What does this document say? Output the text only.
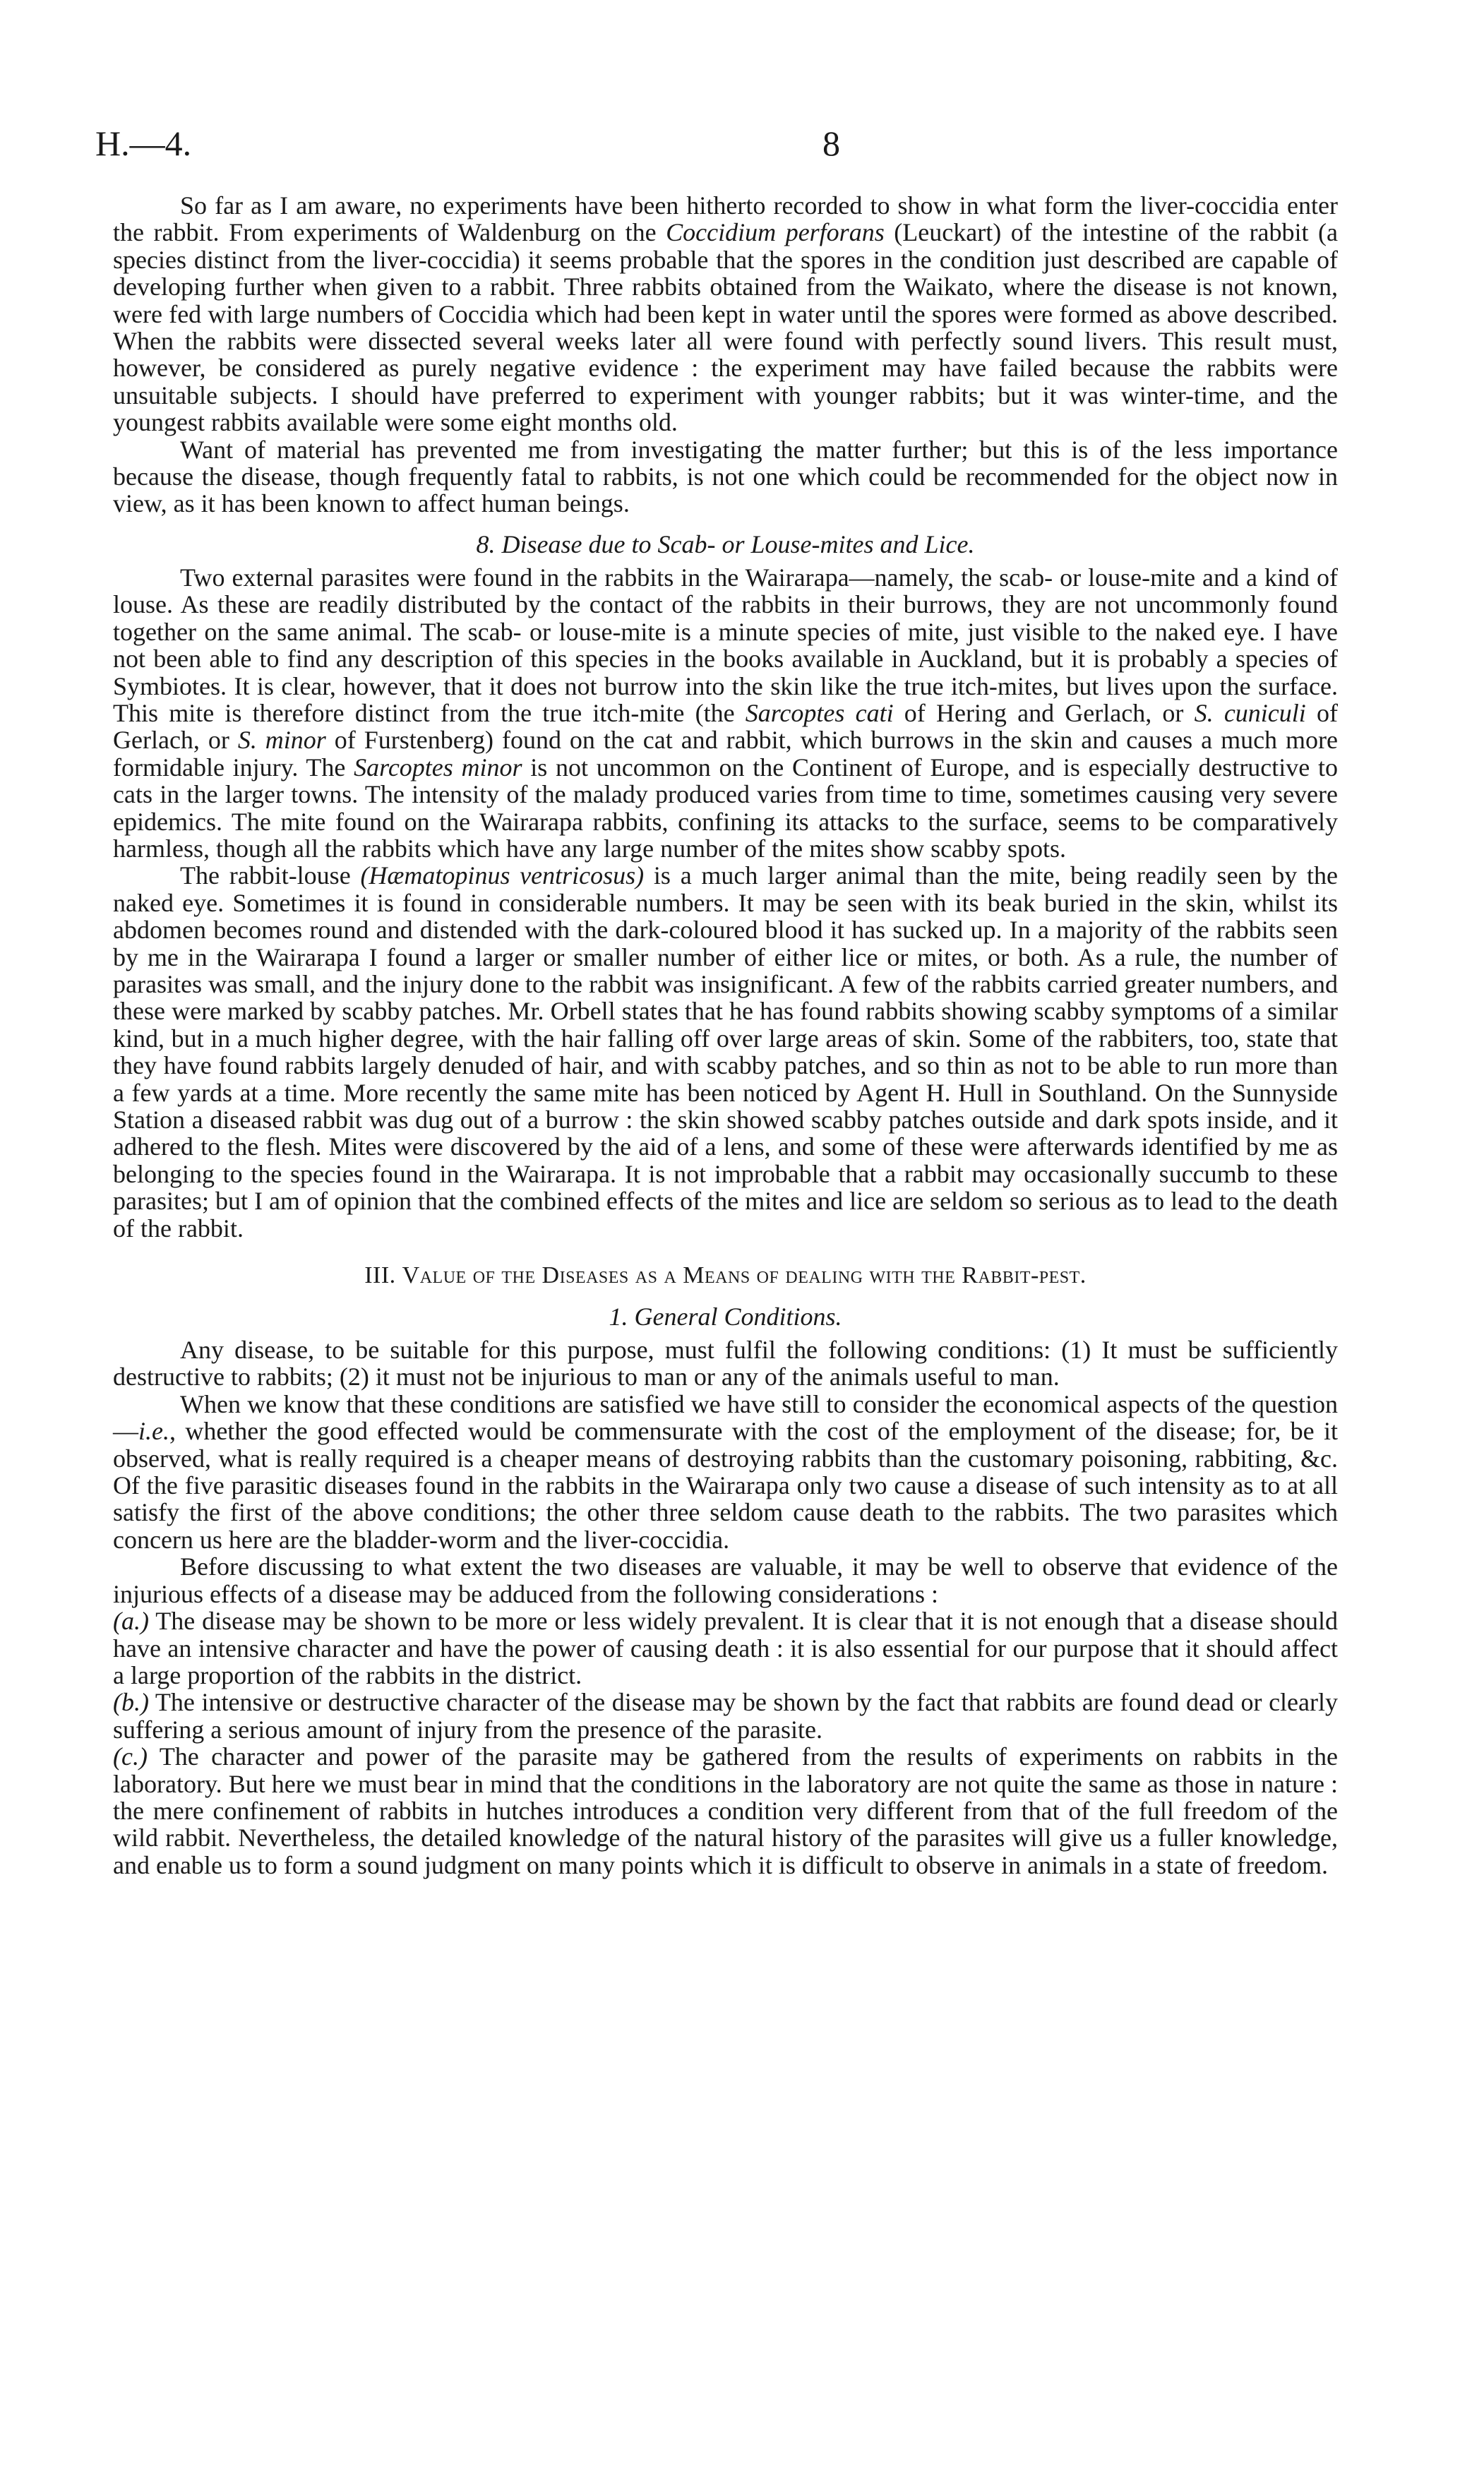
H.—4.	8

So far as I am aware, no experiments have been hitherto recorded to show in what form the liver-coccidia enter the rabbit. From experiments of Waldenburg on the Coccidium perforans (Leuckart) of the intestine of the rabbit (a species distinct from the liver-coccidia) it seems probable that the spores in the condition just described are capable of developing further when given to a rabbit. Three rabbits obtained from the Waikato, where the disease is not known, were fed with large numbers of Coccidia which had been kept in water until the spores were formed as above described. When the rabbits were dissected several weeks later all were found with perfectly sound livers. This result must, however, be considered as purely negative evidence : the experiment may have failed because the rabbits were unsuitable subjects. I should have preferred to experiment with younger rabbits; but it was winter-time, and the youngest rabbits available were some eight months old.

Want of material has prevented me from investigating the matter further; but this is of the less importance because the disease, though frequently fatal to rabbits, is not one which could be recommended for the object now in view, as it has been known to affect human beings.

8. Disease due to Scab- or Louse-mites and Lice.

Two external parasites were found in the rabbits in the Wairarapa—namely, the scab- or louse-mite and a kind of louse. As these are readily distributed by the contact of the rabbits in their burrows, they are not uncommonly found together on the same animal. The scab- or louse-mite is a minute species of mite, just visible to the naked eye. I have not been able to find any description of this species in the books available in Auckland, but it is probably a species of Symbiotes. It is clear, however, that it does not burrow into the skin like the true itch-mites, but lives upon the surface. This mite is therefore distinct from the true itch-mite (the Sarcoptes cati of Hering and Gerlach, or S. cuniculi of Gerlach, or S. minor of Furstenberg) found on the cat and rabbit, which burrows in the skin and causes a much more formidable injury. The Sarcoptes minor is not uncommon on the Continent of Europe, and is especially destructive to cats in the larger towns. The intensity of the malady produced varies from time to time, sometimes causing very severe epidemics. The mite found on the Wairarapa rabbits, confining its attacks to the surface, seems to be comparatively harmless, though all the rabbits which have any large number of the mites show scabby spots.

The rabbit-louse (Hæmatopinus ventricosus) is a much larger animal than the mite, being readily seen by the naked eye. Sometimes it is found in considerable numbers. It may be seen with its beak buried in the skin, whilst its abdomen becomes round and distended with the dark-coloured blood it has sucked up. In a majority of the rabbits seen by me in the Wairarapa I found a larger or smaller number of either lice or mites, or both. As a rule, the number of parasites was small, and the injury done to the rabbit was insignificant. A few of the rabbits carried greater numbers, and these were marked by scabby patches. Mr. Orbell states that he has found rabbits showing scabby symptoms of a similar kind, but in a much higher degree, with the hair falling off over large areas of skin. Some of the rabbiters, too, state that they have found rabbits largely denuded of hair, and with scabby patches, and so thin as not to be able to run more than a few yards at a time. More recently the same mite has been noticed by Agent H. Hull in Southland. On the Sunnyside Station a diseased rabbit was dug out of a burrow : the skin showed scabby patches outside and dark spots inside, and it adhered to the flesh. Mites were discovered by the aid of a lens, and some of these were afterwards identified by me as belonging to the species found in the Wairarapa. It is not improbable that a rabbit may occasionally succumb to these parasites; but I am of opinion that the combined effects of the mites and lice are seldom so serious as to lead to the death of the rabbit.

III. Value of the Diseases as a Means of dealing with the Rabbit-pest.
1. General Conditions.

Any disease, to be suitable for this purpose, must fulfil the following conditions: (1) It must be sufficiently destructive to rabbits; (2) it must not be injurious to man or any of the animals useful to man.

When we know that these conditions are satisfied we have still to consider the economical aspects of the question—i.e., whether the good effected would be commensurate with the cost of the employment of the disease; for, be it observed, what is really required is a cheaper means of destroying rabbits than the customary poisoning, rabbiting, &c. Of the five parasitic diseases found in the rabbits in the Wairarapa only two cause a disease of such intensity as to at all satisfy the first of the above conditions; the other three seldom cause death to the rabbits. The two parasites which concern us here are the bladder-worm and the liver-coccidia.

Before discussing to what extent the two diseases are valuable, it may be well to observe that evidence of the injurious effects of a disease may be adduced from the following considerations :

(a.) The disease may be shown to be more or less widely prevalent. It is clear that it is not enough that a disease should have an intensive character and have the power of causing death : it is also essential for our purpose that it should affect a large proportion of the rabbits in the district.

(b.) The intensive or destructive character of the disease may be shown by the fact that rabbits are found dead or clearly suffering a serious amount of injury from the presence of the parasite.

(c.) The character and power of the parasite may be gathered from the results of experiments on rabbits in the laboratory. But here we must bear in mind that the conditions in the laboratory are not quite the same as those in nature : the mere confinement of rabbits in hutches introduces a condition very different from that of the full freedom of the wild rabbit. Nevertheless, the detailed knowledge of the natural history of the parasites will give us a fuller knowledge, and enable us to form a sound judgment on many points which it is difficult to observe in animals in a state of freedom.
